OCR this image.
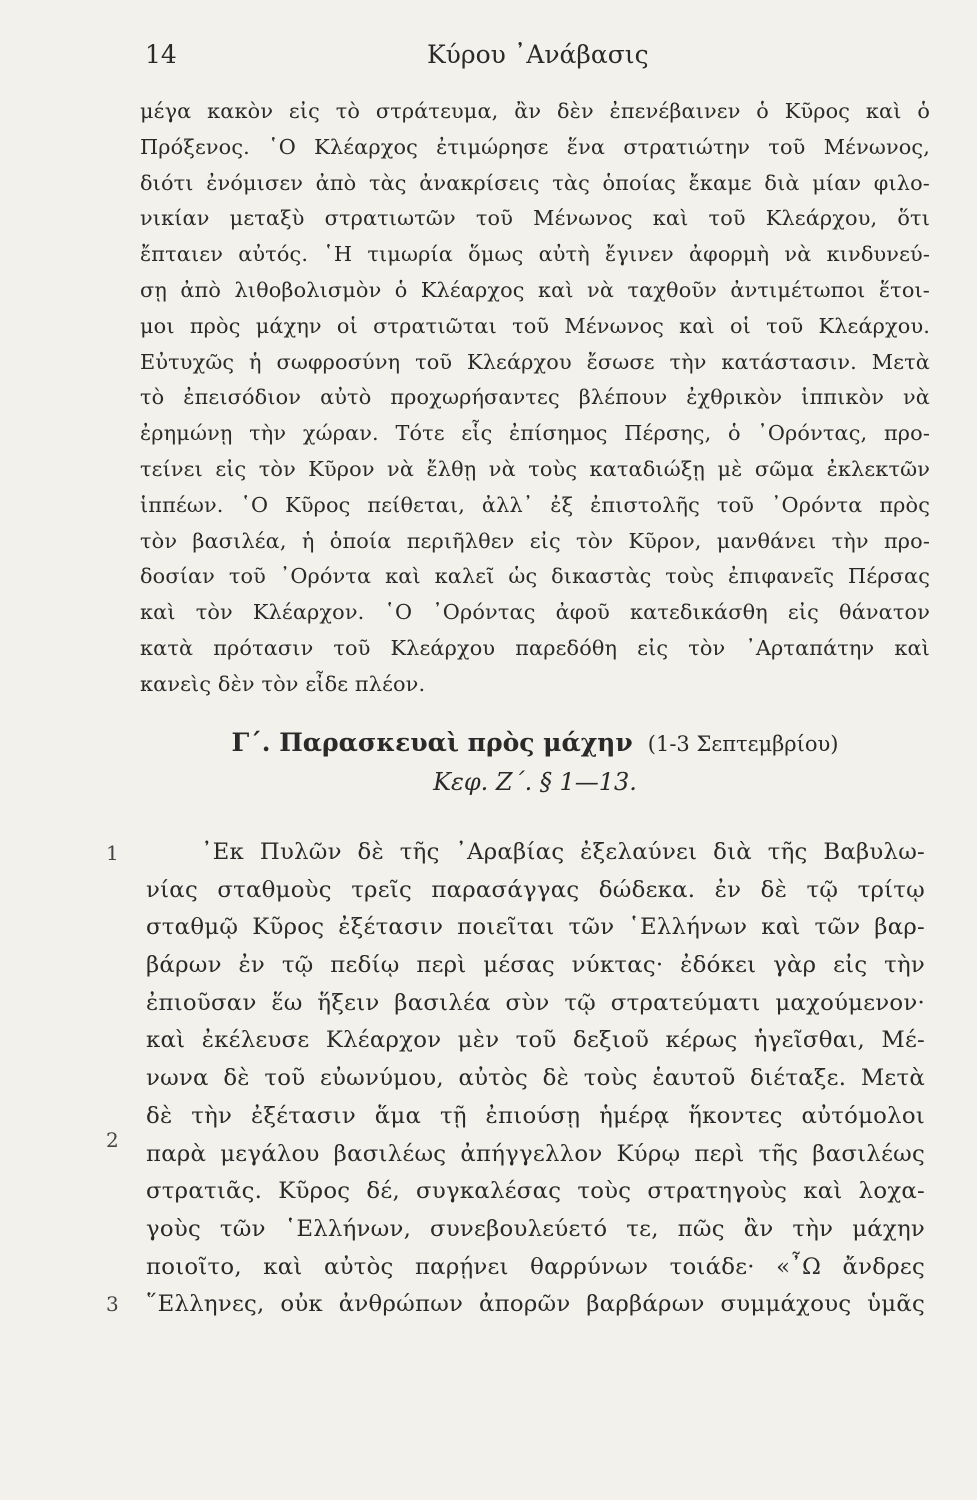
14	Κύρου ᾿Ανάβασις
μέγα κακὸν εἰς τὸ στράτευμα, ἂν δὲν ἐπενέβαινεν ὁ Κῦρος καὶ ὁ
Πρόξενος. ῾Ο Κλέαρχος ἐτιμώρησε ἕνα στρατιώτην τοῦ Μένωνος,
διότι ἐνόμισεν ἀπὸ τὰς ἀνακρίσεις τὰς ὁποίας ἔκαμε διὰ μίαν φιλο-
νικίαν μεταξὺ στρατιωτῶν τοῦ Μένωνος καὶ τοῦ Κλεάρχου, ὅτι
ἔπταιεν αὐτός. ῾Η τιμωρία ὅμως αὐτὴ ἔγινεν ἀφορμὴ νὰ κινδυνεύ-
σῃ ἀπὸ λιθοβολισμὸν ὁ Κλέαρχος καὶ νὰ ταχθοῦν ἀντιμέτωποι ἕτοι-
μοι πρὸς μάχην οἱ στρατιῶται τοῦ Μένωνος καὶ οἱ τοῦ Κλεάρχου.
Εὐτυχῶς ἡ σωφροσύνη τοῦ Κλεάρχου ἔσωσε τὴν κατάστασιν. Μετὰ
τὸ ἐπεισόδιον αὐτὸ προχωρήσαντες βλέπουν ἐχθρικὸν ἱππικὸν νὰ
ἐρημώνῃ τὴν χώραν. Τότε εἷς ἐπίσημος Πέρσης, ὁ ᾿Ορόντας, προ-
τείνει εἰς τὸν Κῦρον νὰ ἔλθῃ νὰ τοὺς καταδιώξῃ μὲ σῶμα ἐκλεκτῶν
ἱππέων. ῾Ο Κῦρος πείθεται, ἀλλ᾿ ἐξ ἐπιστολῆς τοῦ ᾿Ορόντα πρὸς
τὸν βασιλέα, ἡ ὁποία περιῆλθεν εἰς τὸν Κῦρον, μανθάνει τὴν προ-
δοσίαν τοῦ ᾿Ορόντα καὶ καλεῖ ὡς δικαστὰς τοὺς ἐπιφανεῖς Πέρσας
καὶ τὸν Κλέαρχον. ῾Ο ᾿Ορόντας ἀφοῦ κατεδικάσθη εἰς θάνατον
κατὰ πρότασιν τοῦ Κλεάρχου παρεδόθη εἰς τὸν ᾿Αρταπάτην καὶ
κανεὶς δὲν τὸν εἶδε πλέον.
Γ΄. Παρασκευαὶ πρὸς μάχην (1-3 Σεπτεμβρίου)
Κεφ. Ζ΄. § 1—13.
1
2
3
᾿Εκ Πυλῶν δὲ τῆς ᾿Αραβίας ἐξελαύνει διὰ τῆς Βαβυλω-
νίας σταθμοὺς τρεῖς παρασάγγας δώδεκα. ἐν δὲ τῷ τρίτῳ
σταθμῷ Κῦρος ἐξέτασιν ποιεῖται τῶν ῾Ελλήνων καὶ τῶν βαρ-
βάρων ἐν τῷ πεδίῳ περὶ μέσας νύκτας· ἐδόκει γὰρ εἰς τὴν
ἐπιοῦσαν ἕω ἥξειν βασιλέα σὺν τῷ στρατεύματι μαχούμενον·
καὶ ἐκέλευσε Κλέαρχον μὲν τοῦ δεξιοῦ κέρως ἡγεῖσθαι, Μέ-
νωνα δὲ τοῦ εὐωνύμου, αὐτὸς δὲ τοὺς ἑαυτοῦ διέταξε. Μετὰ
δὲ τὴν ἐξέτασιν ἅμα τῇ ἐπιούσῃ ἡμέρᾳ ἥκοντες αὐτόμολοι
παρὰ μεγάλου βασιλέως ἀπήγγελλον Κύρῳ περὶ τῆς βασιλέως
στρατιᾶς. Κῦρος δέ, συγκαλέσας τοὺς στρατηγοὺς καὶ λοχα-
γοὺς τῶν ῾Ελλήνων, συνεβουλεύετό τε, πῶς ἂν τὴν μάχην
ποιοῖτο, καὶ αὐτὸς παρῄνει θαρρύνων τοιάδε· «῏Ω ἄνδρες
῞Ελληνες, οὐκ ἀνθρώπων ἀπορῶν βαρβάρων συμμάχους ὑμᾶς
